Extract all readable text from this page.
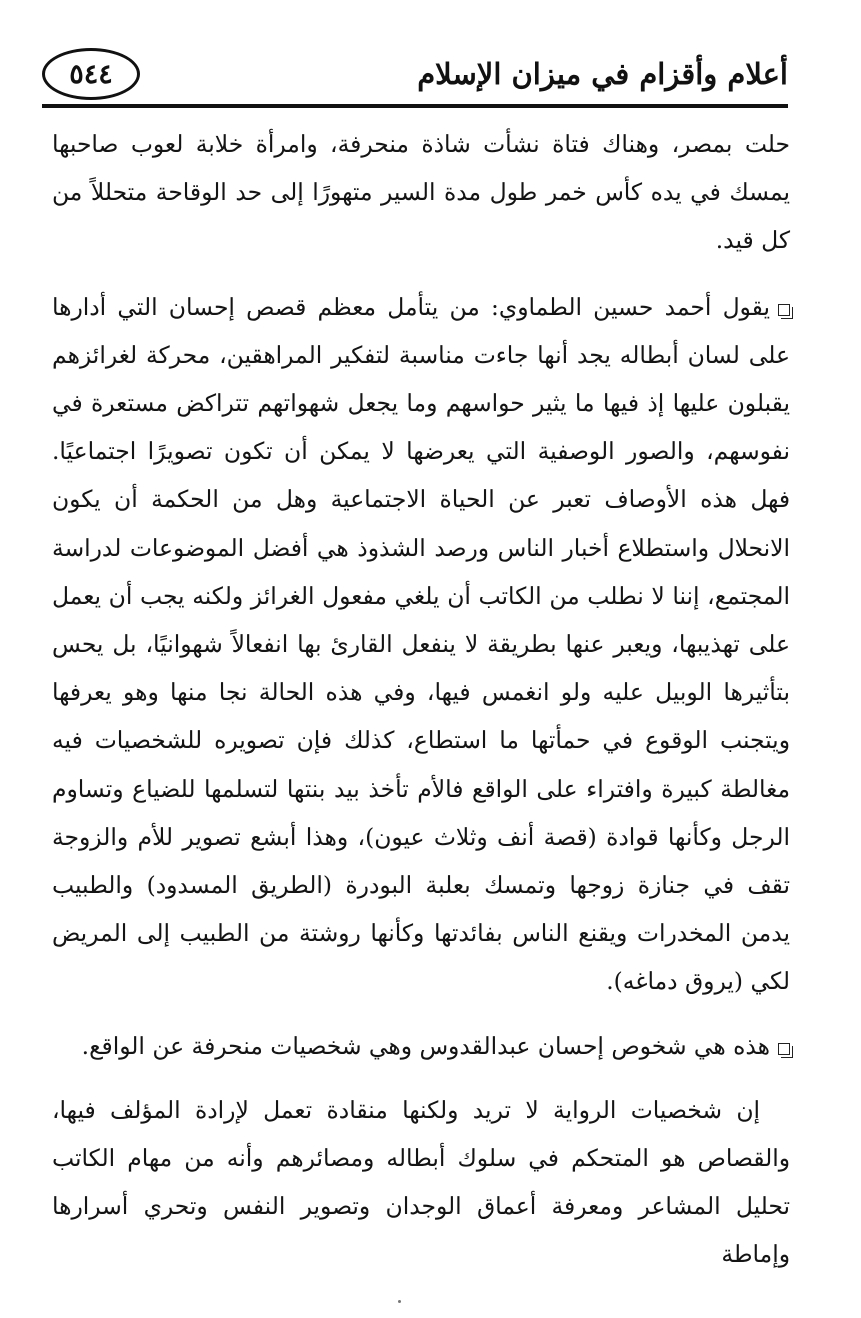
أعلام وأقزام في ميزان الإسلام
٥٤٤

حلت بمصر، وهناك فتاة نشأت شاذة منحرفة، وامرأة خلابة لعوب صاحبها يمسك في يده كأس خمر طول مدة السير متهورًا إلى حد الوقاحة متحللاً من كل قيد.

يقول أحمد حسين الطماوي: من يتأمل معظم قصص إحسان التي أدارها على لسان أبطاله يجد أنها جاءت مناسبة لتفكير المراهقين، محركة لغرائزهم يقبلون عليها إذ فيها ما يثير حواسهم وما يجعل شهواتهم تتراكض مستعرة في نفوسهم، والصور الوصفية التي يعرضها لا يمكن أن تكون تصويرًا اجتماعيًا. فهل هذه الأوصاف تعبر عن الحياة الاجتماعية وهل من الحكمة أن يكون الانحلال واستطلاع أخبار الناس ورصد الشذوذ هي أفضل الموضوعات لدراسة المجتمع، إننا لا نطلب من الكاتب أن يلغي مفعول الغرائز ولكنه يجب أن يعمل على تهذيبها، ويعبر عنها بطريقة لا ينفعل القارئ بها انفعالاً شهوانيًا، بل يحس بتأثيرها الوبيل عليه ولو انغمس فيها، وفي هذه الحالة نجا منها وهو يعرفها ويتجنب الوقوع في حمأتها ما استطاع، كذلك فإن تصويره للشخصيات فيه مغالطة كبيرة وافتراء على الواقع فالأم تأخذ بيد بنتها لتسلمها للضياع وتساوم الرجل وكأنها قوادة (قصة أنف وثلاث عيون)، وهذا أبشع تصوير للأم والزوجة تقف في جنازة زوجها وتمسك بعلبة البودرة (الطريق المسدود) والطبيب يدمن المخدرات ويقنع الناس بفائدتها وكأنها روشتة من الطبيب إلى المريض لكي (يروق دماغه).

هذه هي شخوص إحسان عبدالقدوس وهي شخصيات منحرفة عن الواقع.

إن شخصيات الرواية لا تريد ولكنها منقادة تعمل لإرادة المؤلف فيها، والقصاص هو المتحكم في سلوك أبطاله ومصائرهم وأنه من مهام الكاتب تحليل المشاعر ومعرفة أعماق الوجدان وتصوير النفس وتحري أسرارها وإماطة
